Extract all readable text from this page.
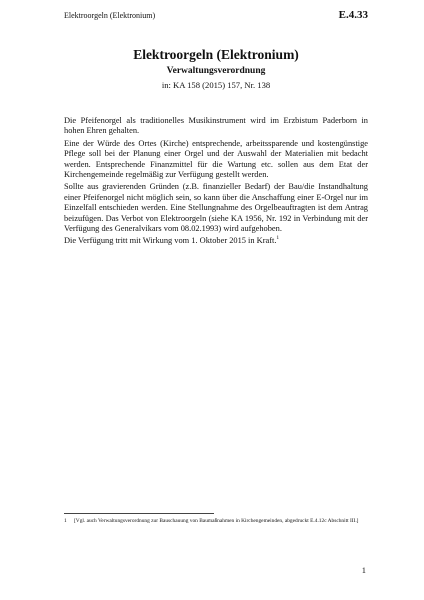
Elektroorgeln (Elektronium)	E.4.33
Elektroorgeln (Elektronium)
Verwaltungsverordnung
in: KA 158 (2015) 157, Nr. 138

Die Pfeifenorgel als traditionelles Musikinstrument wird im Erzbistum Paderborn in hohen Ehren gehalten.

Eine der Würde des Ortes (Kirche) entsprechende, arbeitssparende und kostengünstige Pflege soll bei der Planung einer Orgel und der Auswahl der Materialien mit bedacht werden. Entsprechende Finanzmittel für die Wartung etc. sollen aus dem Etat der Kirchengemeinde regelmäßig zur Verfügung gestellt werden.

Sollte aus gravierenden Gründen (z.B. finanzieller Bedarf) der Bau/die Instandhaltung einer Pfeifenorgel nicht möglich sein, so kann über die Anschaffung einer E-Orgel nur im Einzelfall entschieden werden. Eine Stellungnahme des Orgelbeauftragten ist dem Antrag beizufügen. Das Verbot von Elektroorgeln (siehe KA 1956, Nr. 192 in Verbindung mit der Verfügung des Generalvikars vom 08.02.1993) wird aufgehoben.

Die Verfügung tritt mit Wirkung vom 1. Oktober 2015 in Kraft.$^1$

1 [Vgl. auch Verwaltungsverordnung zur Bauschauung von Baumaßnahmen in Kirchengemeinden, abgedruckt E.4.12c Abschnitt III.]
1
